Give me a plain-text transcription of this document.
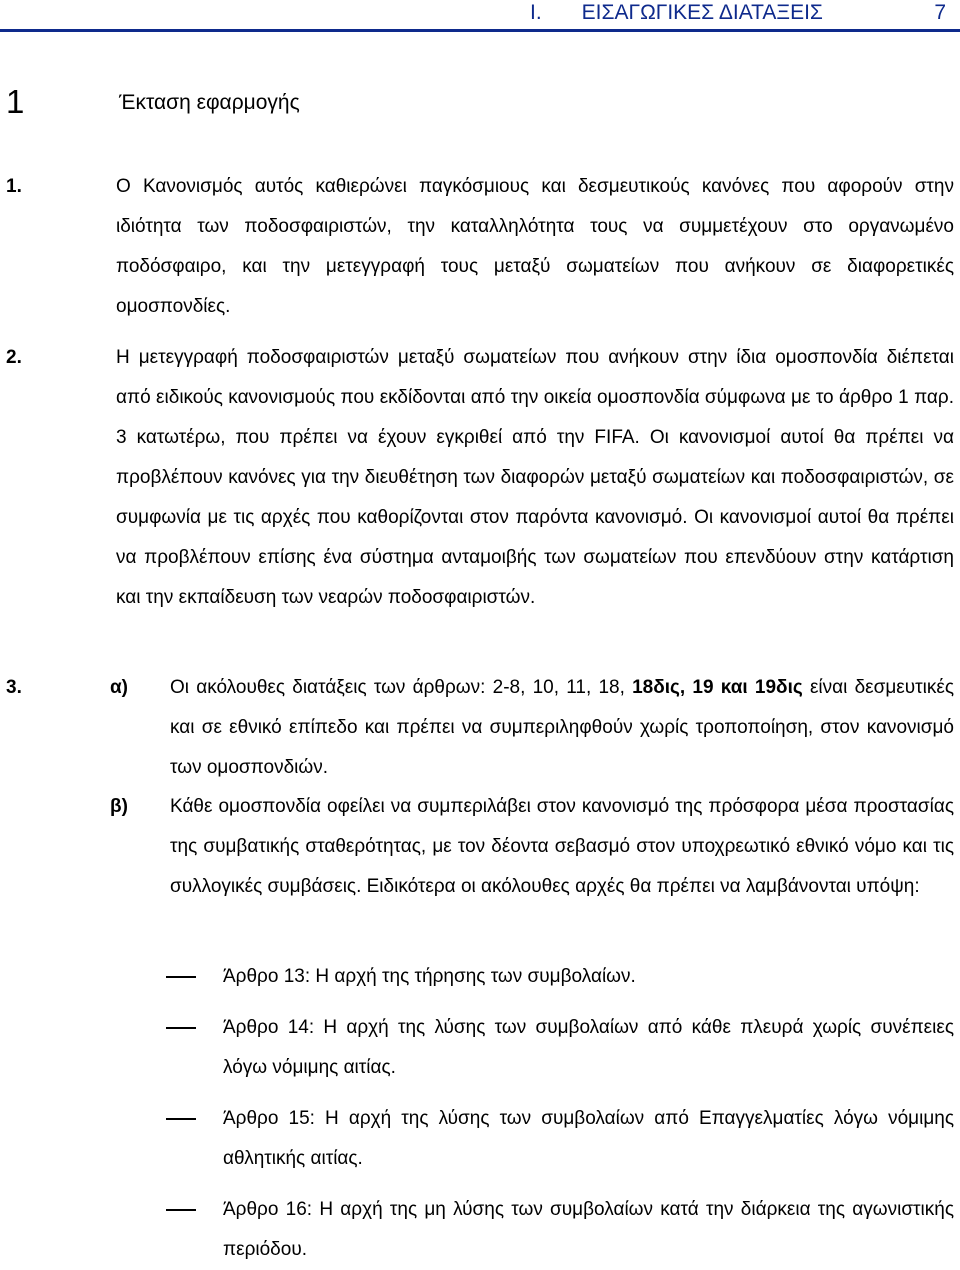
I. ΕΙΣΑΓΩΓΙΚΕΣ ΔΙΑΤΑΞΕΙΣ	7
1	Έκταση εφαρμογής
1.	Ο Κανονισμός αυτός καθιερώνει παγκόσμιους και δεσμευτικούς κανόνες που αφορούν στην ιδιότητα των ποδοσφαιριστών, την καταλληλότητα τους να συμμετέχουν στο οργανωμένο ποδόσφαιρο, και την μετεγγραφή τους μεταξύ σωματείων που ανήκουν σε διαφορετικές ομοσπονδίες.
2.	Η μετεγγραφή ποδοσφαιριστών μεταξύ σωματείων που ανήκουν στην ίδια ομοσπονδία διέπεται από ειδικούς κανονισμούς που εκδίδονται από την οικεία ομοσπονδία σύμφωνα με το άρθρο 1 παρ. 3 κατωτέρω, που πρέπει να έχουν εγκριθεί από την FIFA. Οι κανονισμοί αυτοί θα πρέπει να προβλέπουν κανόνες για την διευθέτηση των διαφορών μεταξύ σωματείων και ποδοσφαιριστών, σε συμφωνία με τις αρχές που καθορίζονται στον παρόντα κανονισμό. Οι κανονισμοί αυτοί θα πρέπει να προβλέπουν επίσης ένα σύστημα ανταμοιβής των σωματείων που επενδύουν στην κατάρτιση και την εκπαίδευση των νεαρών ποδοσφαιριστών.
3.	α) Οι ακόλουθες διατάξεις των άρθρων: 2-8, 10, 11, 18, 18δις, 19 και 19δις είναι δεσμευτικές και σε εθνικό επίπεδο και πρέπει να συμπεριληφθούν χωρίς τροποποίηση, στον κανονισμό των ομοσπονδιών.
β) Κάθε ομοσπονδία οφείλει να συμπεριλάβει στον κανονισμό της πρόσφορα μέσα προστασίας της συμβατικής σταθερότητας, με τον δέοντα σεβασμό στον υποχρεωτικό εθνικό νόμο και τις συλλογικές συμβάσεις. Ειδικότερα οι ακόλουθες αρχές θα πρέπει να λαμβάνονται υπόψη:
Άρθρο 13: Η αρχή της τήρησης των συμβολαίων.
Άρθρο 14: Η αρχή της λύσης των συμβολαίων από κάθε πλευρά χωρίς συνέπειες λόγω νόμιμης αιτίας.
Άρθρο 15: Η αρχή της λύσης των συμβολαίων από Επαγγελματίες λόγω νόμιμης αθλητικής αιτίας.
Άρθρο 16: Η αρχή της μη λύσης των συμβολαίων κατά την διάρκεια της αγωνιστικής περιόδου.
